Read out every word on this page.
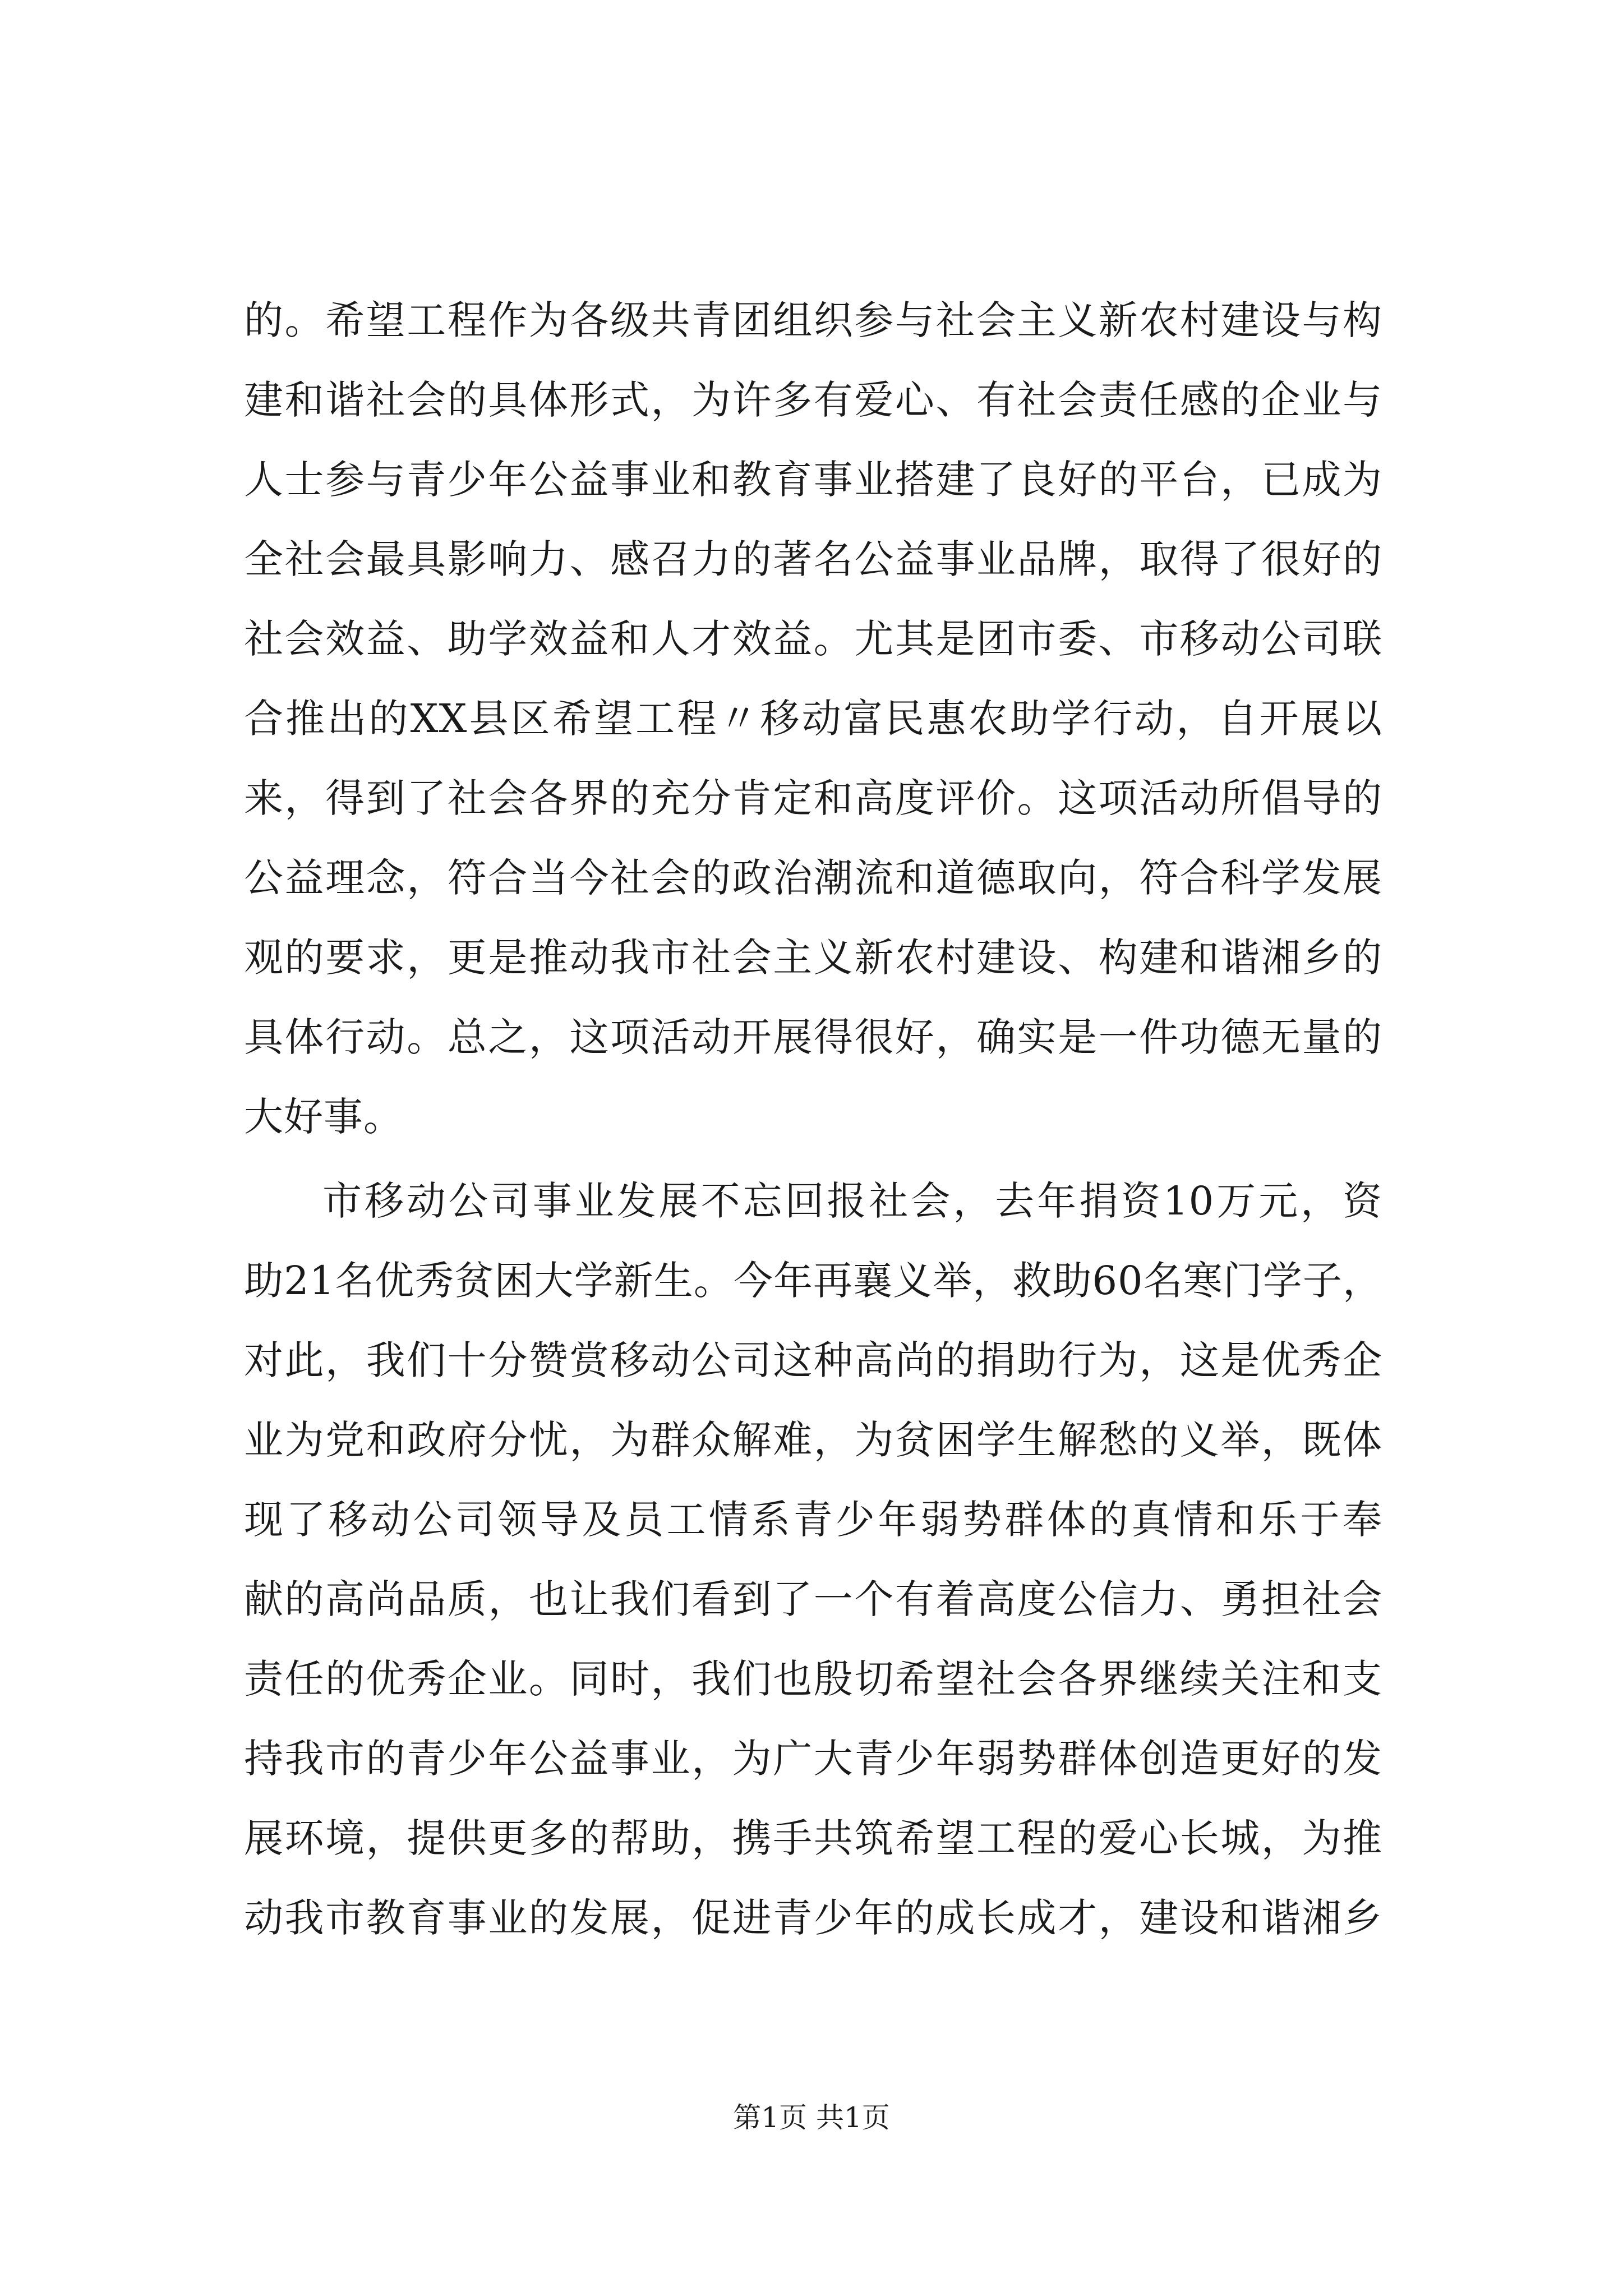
的。希望工程作为各级共青团组织参与社会主义新农村建设与构
建和谐社会的具体形式，为许多有爱心、有社会责任感的企业与
人士参与青少年公益事业和教育事业搭建了良好的平台，已成为
全社会最具影响力、感召力的著名公益事业品牌，取得了很好的
社会效益、助学效益和人才效益。尤其是团市委、市移动公司联
合推出的XX县区希望工程〃移动富民惠农助学行动，自开展以
来，得到了社会各界的充分肯定和高度评价。这项活动所倡导的
公益理念，符合当今社会的政治潮流和道德取向，符合科学发展
观的要求，更是推动我市社会主义新农村建设、构建和谐湘乡的
具体行动。总之，这项活动开展得很好，确实是一件功德无量的
大好事。
市移动公司事业发展不忘回报社会，去年捐资10万元，资
助21名优秀贫困大学新生。今年再襄义举，救助60名寒门学子，
对此，我们十分赞赏移动公司这种高尚的捐助行为，这是优秀企
业为党和政府分忧，为群众解难，为贫困学生解愁的义举，既体
现了移动公司领导及员工情系青少年弱势群体的真情和乐于奉
献的高尚品质，也让我们看到了一个有着高度公信力、勇担社会
责任的优秀企业。同时，我们也殷切希望社会各界继续关注和支
持我市的青少年公益事业，为广大青少年弱势群体创造更好的发
展环境，提供更多的帮助，携手共筑希望工程的爱心长城，为推
动我市教育事业的发展，促进青少年的成长成才，建设和谐湘乡
第1页 共1页
